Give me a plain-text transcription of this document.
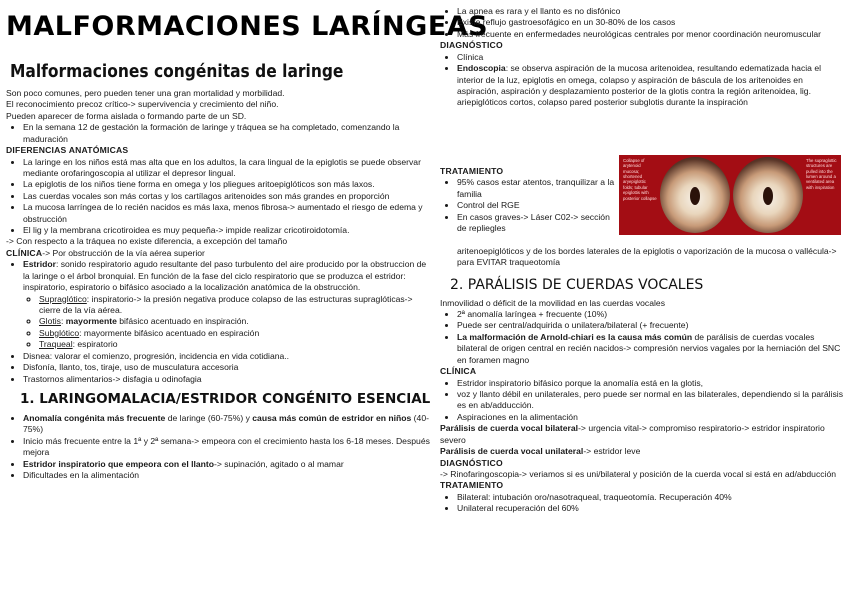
MALFORMACIONES LARÍNGEAS
Malformaciones congénitas de laringe

Son poco comunes, pero pueden tener una gran mortalidad y morbilidad.

El reconocimiento precoz crítico-> supervivencia y crecimiento del niño.

Pueden aparecer de forma aislada o formando parte de un SD.

• En la semana 12 de gestación la formación de laringe y tráquea se ha completado, comenzando la maduración

DIFERENCIAS ANATÓMICAS

• La laringe en los niños está mas alta que en los adultos, la cara lingual de la epiglotis se puede observar mediante orofaringoscopia al utilizar el depresor lingual.
• La epiglotis de los niños tiene forma en omega y los pliegues aritoepiglóticos son más laxos.
• Las cuerdas vocales son más cortas y los cartílagos aritenoides son más grandes en proporción
• La mucosa larríngea de lo recién nacidos es más laxa, menos fibrosa-> aumentado el riesgo de edema y obstrucción
• El lig y la membrana cricotiroidea es muy pequeña-> impide realizar cricotiroidotomía.

-> Con respecto a la tráquea no existe diferencia, a excepción del tamaño

CLÍNICA-> Por obstrucción de la vía aérea superior

• Estridor: sonido respiratorio agudo resultante del paso turbulento del aire producido por la obstruccion de la laringe o el árbol bronquial. En función de la fase del ciclo respiratorio que se produzca el estridor: inspiratorio, espiratorio o bifásico asociado a la localización anatómica de la obstrucción.
◦ Supraglótico: inspiratorio-> la presión negativa produce colapso de las estructuras supraglóticas-> cierre de la vía aérea.
◦ Glotis: mayormente bifásico acentuado en inspiración.
◦ Subglótico: mayormente bifásico acentuado en espiración
◦ Traqueal: espiratorio
• Disnea: valorar el comienzo, progresión, incidencia en vida cotidiana..
• Disfonía, llanto, tos, tiraje, uso de musculatura accesoria
• Trastornos alimentarios-> disfagia u odinofagia
1. LARINGOMALACIA/ESTRIDOR CONGÉNITO ESENCIAL
• Anomalía congénita más frecuente de laringe (60-75%) y causa más común de estridor en niños (40-75%)
• Inicio más frecuente entre la 1ª y 2ª semana-> empeora con el crecimiento hasta los 6-18 meses. Después mejora
• Estridor inspiratorio que empeora con el llanto-> supinación, agitado o al mamar
• Dificultades en la alimentación
• La apnea es rara y el llanto es no disfónico
• Existe reflujo gastroesofágico en un 30-80% de los casos
• Más frecuente en enfermedades neurológicas centrales por menor coordinación neuromuscular

DIAGNÓSTICO

• Clínica
• Endoscopia: se observa aspiración de la mucosa aritenoidea, resultando edematizada hacia el interior de la luz, epiglotis en omega, colapso y aspiración de báscula de los aritenoides en aspiración, aspiración y desplazamiento posterior de la glotis contra la región aritenoidea, lig. ariepiglóticos cortos, colapso pared posterior subglotis durante la inspiración

TRATAMIENTO

• 95% casos estar atentos, tranquilizar a la familia
• Control del RGE
• En casos graves-> Láser C02-> sección de repliegles
Collapse of arytenoid mucosa; shortened aryepiglottic folds; tubular epiglottis with posterior collapse
The supraglottic structures are pulled into the lumen around a ventilated area with inspiration

aritenoepiglóticos y de los bordes laterales de la epiglotis o vaporización de la mucosa o vallécula-> para EVITAR traqueotomía

2. PARÁLISIS DE CUERDAS VOCALES

Inmovilidad o déficit de la movilidad en las cuerdas vocales

• 2ª anomalía laríngea + frecuente (10%)
• Puede ser central/adquirida o unilatera/bilateral (+ frecuente)
• La malformación de Arnold-chiari es la causa más común de parálisis de cuerdas vocales bilateral de origen central en recién nacidos-> compresión nervios vagales por la herniación del SNC en foramen magno

CLÍNICA

• Estridor inspiratorio bifásico porque la anomalía está en la glotis,
• voz y llanto débil en unilaterales, pero puede ser normal en las bilaterales, dependiendo si la parálisis es en ab/adducción.
• Aspiraciones en la alimentación

Parálisis de cuerda vocal bilateral-> urgencia vital-> compromiso respiratorio-> estridor inspiratorio severo

Parálisis de cuerda vocal unilateral-> estridor leve

DIAGNÓSTICO

-> Rinofaringoscopia-> veriamos si es uni/bilateral y posición de la cuerda vocal si está en ad/abducción

TRATAMIENTO

• Bilateral: intubación oro/nasotraqueal, traqueotomía. Recuperación 40%
• Unilateral recuperación del 60%
